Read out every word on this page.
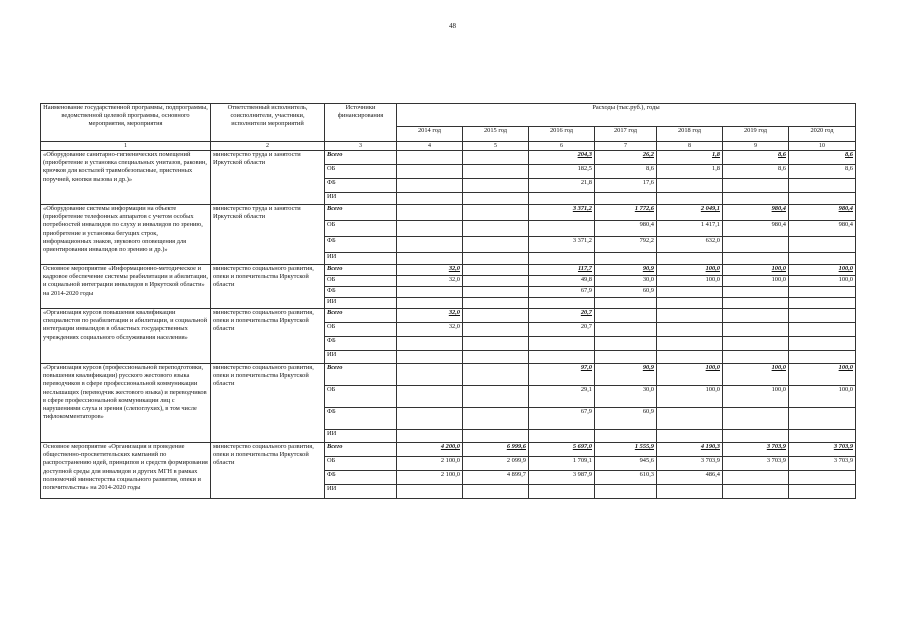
48
Наименование государственной программы, подпрограммы, ведомственной целевой программы, основного мероприятия, мероприятия	Ответственный исполнитель, соисполнители, участники, исполнители мероприятий	Источники финансирования	Расходы (тыс.руб.), годы						
			2014 год	2015 год	2016 год	2017 год	2018 год	2019 год	2020 год
1	2	3	4	5	6	7	8	9	10
«Оборудование санитарно-гигиенических помещений (приобретение и установка специальных унитазов, раковин, крючков для костылей травмобезопасные, пристенных поручней, кнопки вызова и др.)»	министерство труда и занятости Иркутской области	Всего			204,3	26,2	1,8	8,6	8,6
		ОБ			182,5	8,6	1,8	8,6	8,6
		ФБ			21,8	17,6			
		ИИ							
«Оборудование системы информации на объекте (приобретение телефонных аппаратов с учетом особых потребностей инвалидов по слуху и инвалидов по зрению, приобретение и установка бегущих строк, информационных знаков, звукового оповещения для ориентирования инвалидов по зрению и др.)»	министерство труда и занятости Иркутской области	Всего			3 371,2	1 772,6	2 049,1	980,4	980,4
		ОБ				980,4	1 417,1	980,4	980,4
		ФБ			3 371,2	792,2	632,0		
		ИИ							
Основное мероприятие «Информационно-методическое и кадровое обеспечение системы реабилитации и абилитации, и социальной интеграции инвалидов в Иркутской области» на 2014-2020 годы	министерство социального развития, опеки и попечительства Иркутской области	Всего	32,0		117,7	90,9	100,0	100,0	100,0
		ОБ	32,0		49,8	30,0	100,0	100,0	100,0
		ФБ			67,9	60,9			
		ИИ							
«Организация курсов повышения квалификации специалистов по реабилитации и абилитации, и социальной интеграции инвалидов в областных государственных учреждениях социального обслуживания населения»	министерство социального развития, опеки и попечительства Иркутской области	Всего	32,0		20,7				
		ОБ	32,0		20,7				
		ФБ							
		ИИ							
«Организация курсов (профессиональной переподготовки, повышения квалификации) русского жестового языка переводчиков в сфере профессиональной коммуникации неслышащих (переводчик жестового языка) и переводчиков в сфере профессиональной коммуникации лиц с нарушениями слуха и зрения (слепоглухих), в том числе тифлокомментаторов»	министерство социального развития, опеки и попечительства Иркутской области	Всего			97,0	90,9	100,0	100,0	100,0
		ОБ			29,1	30,0	100,0	100,0	100,0
		ФБ			67,9	60,9			
		ИИ							
Основное мероприятие «Организация и проведение общественно-просветительских кампаний по распространению идей, принципов и средств формирования доступной среды для инвалидов и других МГН в рамках полномочий министерства социального развития, опеки и попечительства» на 2014-2020 годы	министерство социального развития, опеки и попечительства Иркутской области	Всего	4 200,0	6 999,6	5 697,0	1 555,9	4 190,3	3 703,9	3 703,9
		ОБ	2 100,0	2 099,9	1 709,1	945,6	3 703,9	3 703,9	3 703,9
		ФБ	2 100,0	4 899,7	3 987,9	610,3	486,4		
		ИИ							
